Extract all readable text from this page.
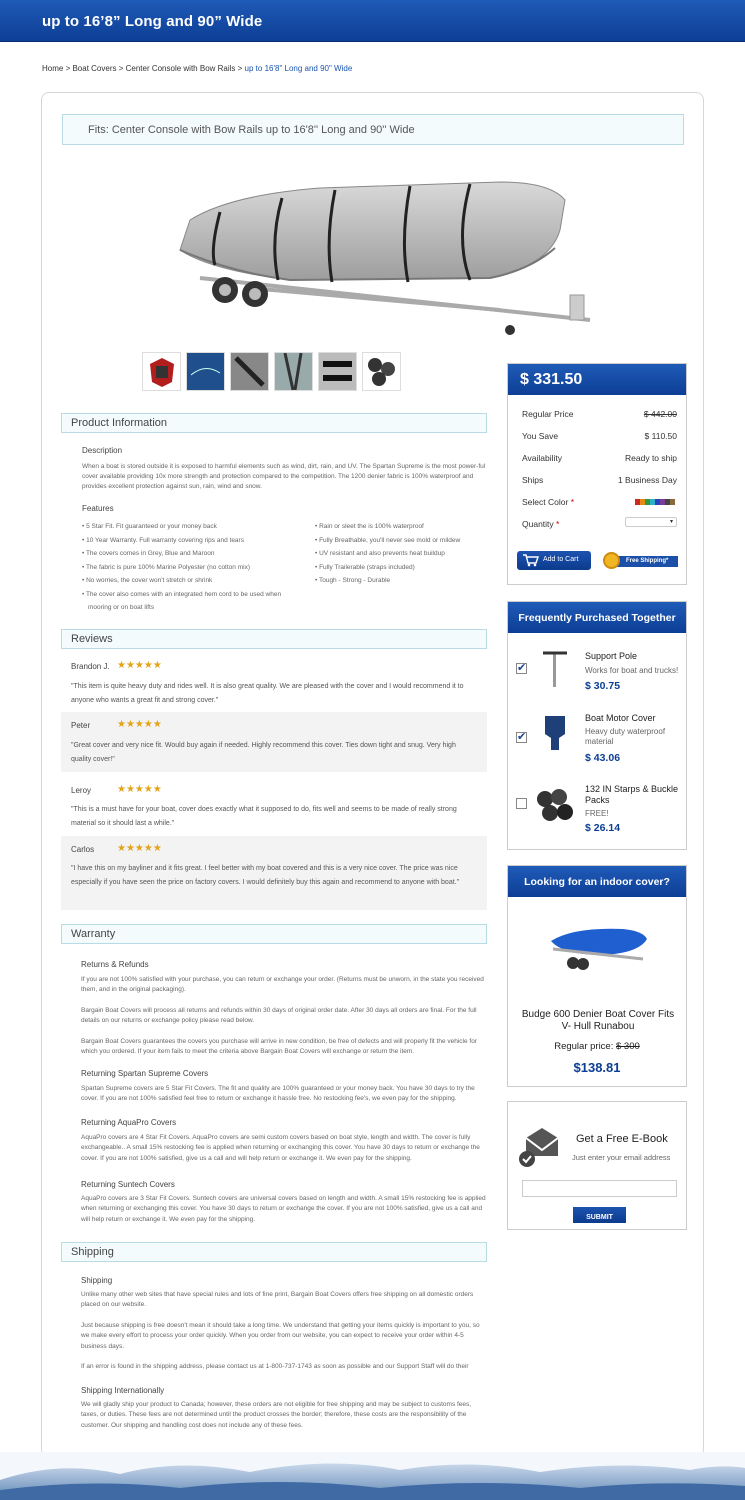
up to 16’8” Long and 90” Wide
Home > Boat Covers > Center Console with Bow Rails > up to 16'8" Long and 90" Wide
Fits: Center Console with Bow Rails up to 16'8'' Long and 90'' Wide
Product Information
Description
When a boat is stored outside it is exposed to harmful elements such as wind, dirt, rain, and UV. The Spartan Supreme is the most power-ful cover available providing 10x more strength and protection compared to the competition. The 1200 denier fabric is 100% waterproof and provides excellent protection against sun, rain, wind and snow.
Features
• 5 Star Fit. Fit guaranteed or your money back
• 10 Year Warranty. Full warranty covering rips and tears
• The covers comes in Grey, Blue and Maroon
• The fabric is pure 100% Marine Polyester (no cotton mix)
• No worries, the cover won't stretch or shrink
• The cover also comes with an integrated hem cord to be used when
mooring or on boat lifts
• Rain or sleet the is 100% waterproof
• Fully Breathable, you'll never see mold or mildew
• UV resistant and also prevents heat buildup
• Fully Trailerable (straps included)
• Tough - Strong - Durable
Reviews
Brandon J. ★★★★★
"This item is quite heavy duty and rides well. It is also great quality. We are pleased with the cover and I would recommend it to anyone who wants a great fit and strong cover."
Peter	★★★★★
"Great cover and very nice fit. Would buy again if needed. Highly recommend this cover. Ties down tight and snug. Very high quality cover!"
Leroy	★★★★★
"This is a must have for your boat, cover does exactly what it supposed to do, fits well and seems to be made of really strong material so it should last a while."
Carlos ★★★★★
"I have this on my bayliner and it fits great. I feel better with my boat covered and this is a very nice cover. The price was nice especially if you have seen the price on factory covers. I would definitely buy this again and recommend to anyone with boat."
Warranty
Returns & Refunds
If you are not 100% satisfied with your purchase, you can return or exchange your order. (Returns must be unworn, in the state you received them, and in the original packaging).
Bargain Boat Covers will process all returns and refunds within 30 days of original order date. After 30 days all orders are final. For the full details on our returns or exchange policy please read below.
Bargain Boat Covers guarantees the covers you purchase will arrive in new condition, be free of defects and will properly fit the vehicle for which you ordered. If your item fails to meet the criteria above Bargain Boat Covers will exchange or return the item.
Returning Spartan Supreme Covers
Spartan Supreme covers are 5 Star Fit Covers. The fit and quality are 100% guaranteed or your money back. You have 30 days to try the cover. If you are not 100% satisfied feel free to return or exchange it hassle free. No restocking fee's, we even pay for the shipping.
Returning AquaPro Covers
AquaPro covers are 4 Star Fit Covers. AquaPro covers are semi custom covers based on boat style, length and width. The cover is fully exchangeable.. A small 15% restocking fee is applied when returning or exchanging this cover. You have 30 days to return or exchange the cover. If you are not 100% satisfied, give us a call and will help return or exchange it. We even pay for the shipping.
Returning Suntech Covers
AquaPro covers are 3 Star Fit Covers. Suntech covers are universal covers based on length and width. A small 15% restocking fee is applied when returning or exchanging this cover. You have 30 days to return or exchange the cover. If you are not 100% satisfied, give us a call and will help return or exchange it. We even pay for the shipping.
Shipping
Shipping
Unlike many other web sites that have special rules and lots of fine print, Bargain Boat Covers offers free shipping on all domestic orders placed on our website.
Just because shipping is free doesn't mean it should take a long time. We understand that getting your items quickly is important to you, so we make every effort to process your order quickly. When you order from our website, you can expect to receive your order within 4-5 business days.
If an error is found in the shipping address, please contact us at 1-800-737-1743 as soon as possible and our Support Staff will do their
Shipping Internationally
We will gladly ship your product to Canada; however, these orders are not eligible for free shipping and may be subject to customs fees, taxes, or duties. These fees are not determined until the product crosses the border; therefore, these costs are the responsibility of the customer. Our shipping and handling cost does not include any of these fees.
$ 331.50
Regular Price	$ 442.00
You Save	$ 110.50
Availability	Ready to ship
Ships	1 Business Day
Select Color *
Quantity *	▾
Add to Cart	Free Shipping*
Frequently Purchased Together
✔
Support Pole
Works for boat and trucks!
$ 30.75
✔
Boat Motor Cover
Heavy duty waterproof material
$ 43.06
132 IN Starps & Buckle Packs
FREE!
$ 26.14
Looking for an indoor cover?
Budge 600 Denier Boat Cover Fits V- Hull Runabou
Regular price: $ 300
$138.81
Get a Free E-Book
Just enter your email address
SUBMIT
